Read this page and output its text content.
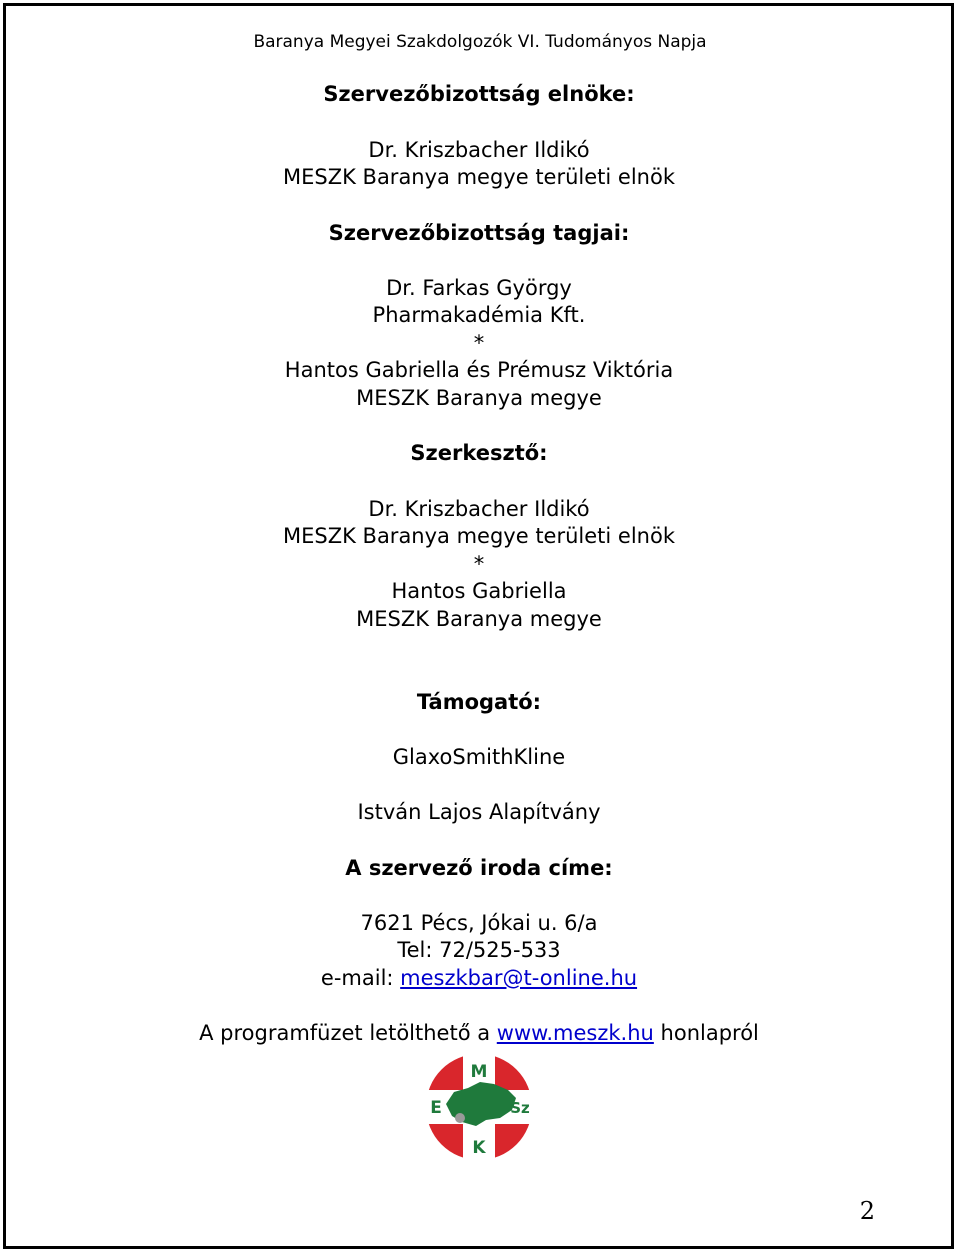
Baranya Megyei Szakdolgozók VI. Tudományos Napja
Szervezőbizottság elnöke:
Dr. Kriszbacher Ildikó
MESZK Baranya megye területi elnök
Szervezőbizottság tagjai:
Dr. Farkas György
Pharmakadémia Kft.
*
Hantos Gabriella és Prémusz Viktória
MESZK Baranya megye
Szerkesztő:
Dr. Kriszbacher Ildikó
MESZK Baranya megye területi elnök
*
Hantos Gabriella
MESZK Baranya megye
Támogató:
GlaxoSmithKline
István Lajos Alapítvány
A szervező iroda címe:
7621 Pécs, Jókai u. 6/a
Tel: 72/525-533
e-mail: meszkbar@t-online.hu
A programfüzet letölthető a www.meszk.hu honlapról
M
E	Sz
K
2
